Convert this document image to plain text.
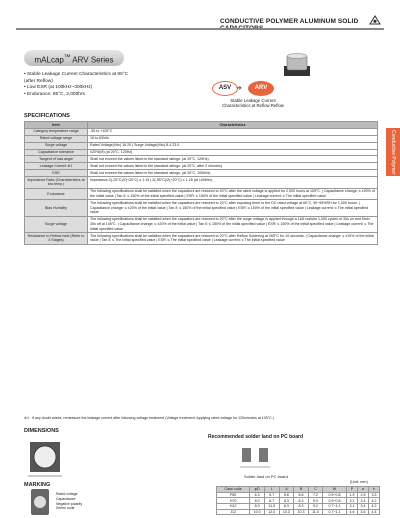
CONDUCTIVE POLYMER ALUMINUM SOLID
mALcap™ ARV Series
• Stable Leakage Current Characteristics at 85°C
(after Reflow)
• Low ESR (at 100kHz~300kHz)
• Endurance: 85°C, 2,000hrs
ASV ➜	ARV
Stable Leakage Current
Characteristics at Reflow Reflow
SPECIFICATIONS
Conductive Polymer
Item	Characteristics
Category temperature range	-55 to +105°C
Rated voltage range	16 to 63Vdc
Surge voltage	Rated Voltage(Vdc) 16 20 | Surge Voltage(Vdc) 8.4 23.0
Capacitance tolerance	±20%(M) (at 20°C, 120Hz)
Tangent of loss angle	Shall not exceed the values listed in the standard ratings. (at 20°C, 120Hz)
Leakage Current ※1	Shall not exceed the values listed in the standard ratings. (at 20°C, after 2 minutes)
ESR	Shall not exceed the values listed in the standard ratings. (at 20°C, 100kHz)
Impedance Ratio (Characteristics at low temp.)	Impedance Z(-25°C)/Z(+20°C) ≤ 1.15 | Z(-55°C)/Z(+20°C) ≤ 1.25 (at 100kHz)
Endurance	The following specifications shall be satisfied when the capacitors are restored to 20°C after the rated voltage is applied for 2,000 hours at 105°C. | Capacitance change: ≤ ±20% of the initial value | Tan δ: ≤ 150% of the initial specified value | ESR: ≤ 150% of the initial specified value | Leakage current: ≤ The initial specified value
Bias Humidity	The following specifications shall be satisfied when the capacitors are restored to 20°C after exposing them to the DC rated voltage at 60°C, 90~95%RH for 1,000 hours. | Capacitance change: ≤ ±20% of the initial value | Tan δ: ≤ 150% of the initial specified value | ESR: ≤ 150% of the initial specified value | Leakage current: ≤ The initial specified value
Surge voltage	The following specifications shall be satisfied when the capacitors are restored to 20°C after the surge voltage is applied through a 1kΩ resistor 1,000 cycles of 30s on and 5min 30s off at 105°C. | Capacitance change: ≤ ±20% of the initial value | Tan δ: ≤ 150% of the initial specified value | ESR: ≤ 150% of the initial specified value | Leakage current: ≤ The initial specified value
Resistance to Reflow heat (Refer to 4 Stages)	The following specifications shall be satisfied when the capacitors are restored to 20°C after Reflow Soldering at 260°C for 10 seconds. | Capacitance change: ≤ ±10% of the initial value | Tan δ: ≤ The initial specified value | ESR: ≤ The initial specified value | Leakage current: ≤ The initial specified value
※1 : If any doubt arises, remeasure the leakage current after following voltage treatment (Voltage treatment: Applying rated voltage for 120minutes at 105°C.)
DIMENSIONS
Recommended solder land on PC board
Solder land on PC board
(Unit: mm)
Case code	φD	L	A	B	C	W	P	a	b
F80	6.3	5.7	6.6	6.6	7.2	0.5~0.8	1.9	2.6	3.5
H70	8.0	6.7	8.3	8.3	9.0	0.5~0.8	3.1	3.4	4.2
H12	8.0	11.5	8.3	8.3	9.2	0.7~1.1	3.1	3.4	4.2
J12	10.0	12.0	10.3	10.3	11.0	0.7~1.1	4.6	3.6	4.4
MARKING
Rated voltage
Capacitance
Negative polarity
Series code
